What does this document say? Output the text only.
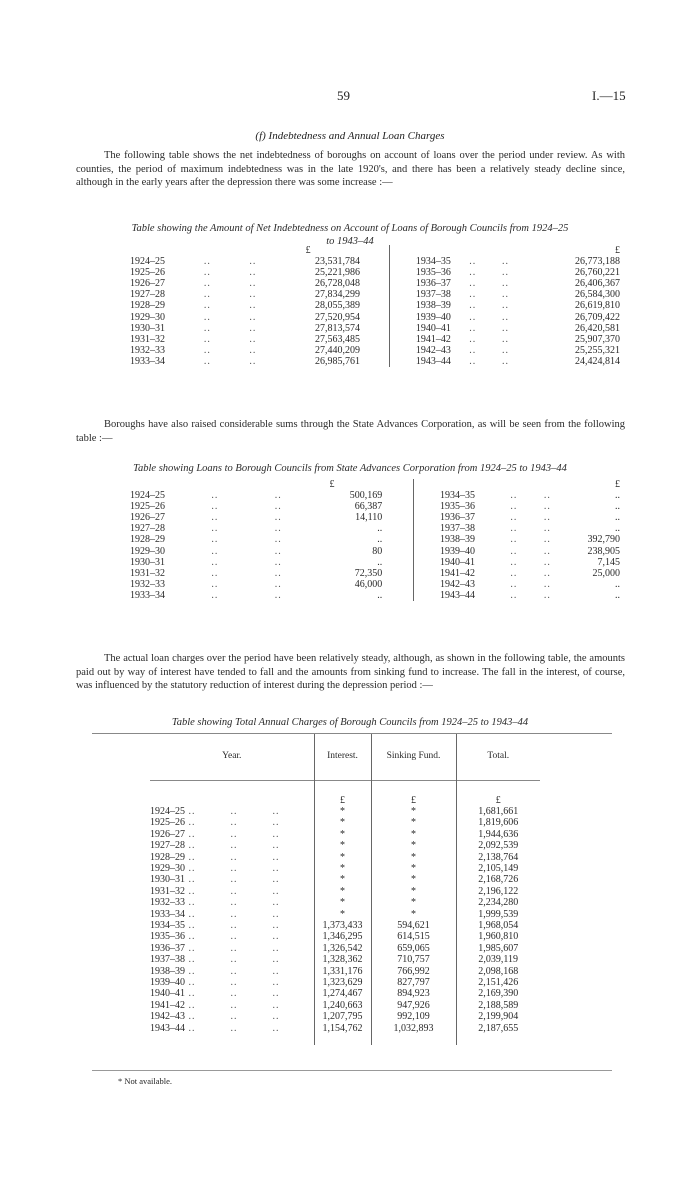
59	I.—15
(f) Indebtedness and Annual Loan Charges
The following table shows the net indebtedness of boroughs on account of loans over the period under review. As with counties, the period of maximum indebtedness was in the late 1920's, and there has been a relatively steady decline since, although in the early years after the depression there was some increase :—
Table showing the Amount of Net Indebtedness on Account of Loans of Borough Councils from 1924–25
to 1943–44
			£					£
1924–25	..	..	23,531,784		1934–35	..	..	26,773,188
1925–26	..	..	25,221,986		1935–36	..	..	26,760,221
1926–27	..	..	26,728,048		1936–37	..	..	26,406,367
1927–28	..	..	27,834,299		1937–38	..	..	26,584,300
1928–29	..	..	28,055,389		1938–39	..	..	26,619,810
1929–30	..	..	27,520,954		1939–40	..	..	26,709,422
1930–31	..	..	27,813,574		1940–41	..	..	26,420,581
1931–32	..	..	27,563,485		1941–42	..	..	25,907,370
1932–33	..	..	27,440,209		1942–43	..	..	25,255,321
1933–34	..	..	26,985,761		1943–44	..	..	24,424,814
Boroughs have also raised considerable sums through the State Advances Corporation, as will be seen from the following table :—
Table showing Loans to Borough Councils from State Advances Corporation from 1924–25 to 1943–44
			£					£
1924–25	..	..	500,169		1934–35	..	..	..
1925–26	..	..	66,387		1935–36	..	..	..
1926–27	..	..	14,110		1936–37	..	..	..
1927–28	..	..	..		1937–38	..	..	..
1928–29	..	..	..		1938–39	..	..	392,790
1929–30	..	..	80		1939–40	..	..	238,905
1930–31	..	..	..		1940–41	..	..	7,145
1931–32	..	..	72,350		1941–42	..	..	25,000
1932–33	..	..	46,000		1942–43	..	..	..
1933–34	..	..	..		1943–44	..	..	..
The actual loan charges over the period have been relatively steady, although, as shown in the following table, the amounts paid out by way of interest have tended to fall and the amounts from sinking fund to increase. The fall in the interest, of course, was influenced by the statutory reduction of interest during the depression period :—
Table showing Total Annual Charges of Borough Councils from 1924–25 to 1943–44
Year.	Interest.	Sinking Fund.	Total.

	£	£	£
1924–25 ..          ..          ..	*	*	1,681,661
1925–26 ..          ..          ..	*	*	1,819,606
1926–27 ..          ..          ..	*	*	1,944,636
1927–28 ..          ..          ..	*	*	2,092,539
1928–29 ..          ..          ..	*	*	2,138,764
1929–30 ..          ..          ..	*	*	2,105,149
1930–31 ..          ..          ..	*	*	2,168,726
1931–32 ..          ..          ..	*	*	2,196,122
1932–33 ..          ..          ..	*	*	2,234,280
1933–34 ..          ..          ..	*	*	1,999,539
1934–35 ..          ..          ..	1,373,433	594,621	1,968,054
1935–36 ..          ..          ..	1,346,295	614,515	1,960,810
1936–37 ..          ..          ..	1,326,542	659,065	1,985,607
1937–38 ..          ..          ..	1,328,362	710,757	2,039,119
1938–39 ..          ..          ..	1,331,176	766,992	2,098,168
1939–40 ..          ..          ..	1,323,629	827,797	2,151,426
1940–41 ..          ..          ..	1,274,467	894,923	2,169,390
1941–42 ..          ..          ..	1,240,663	947,926	2,188,589
1942–43 ..          ..          ..	1,207,795	992,109	2,199,904
1943–44 ..          ..          ..	1,154,762	1,032,893	2,187,655

* Not available.
